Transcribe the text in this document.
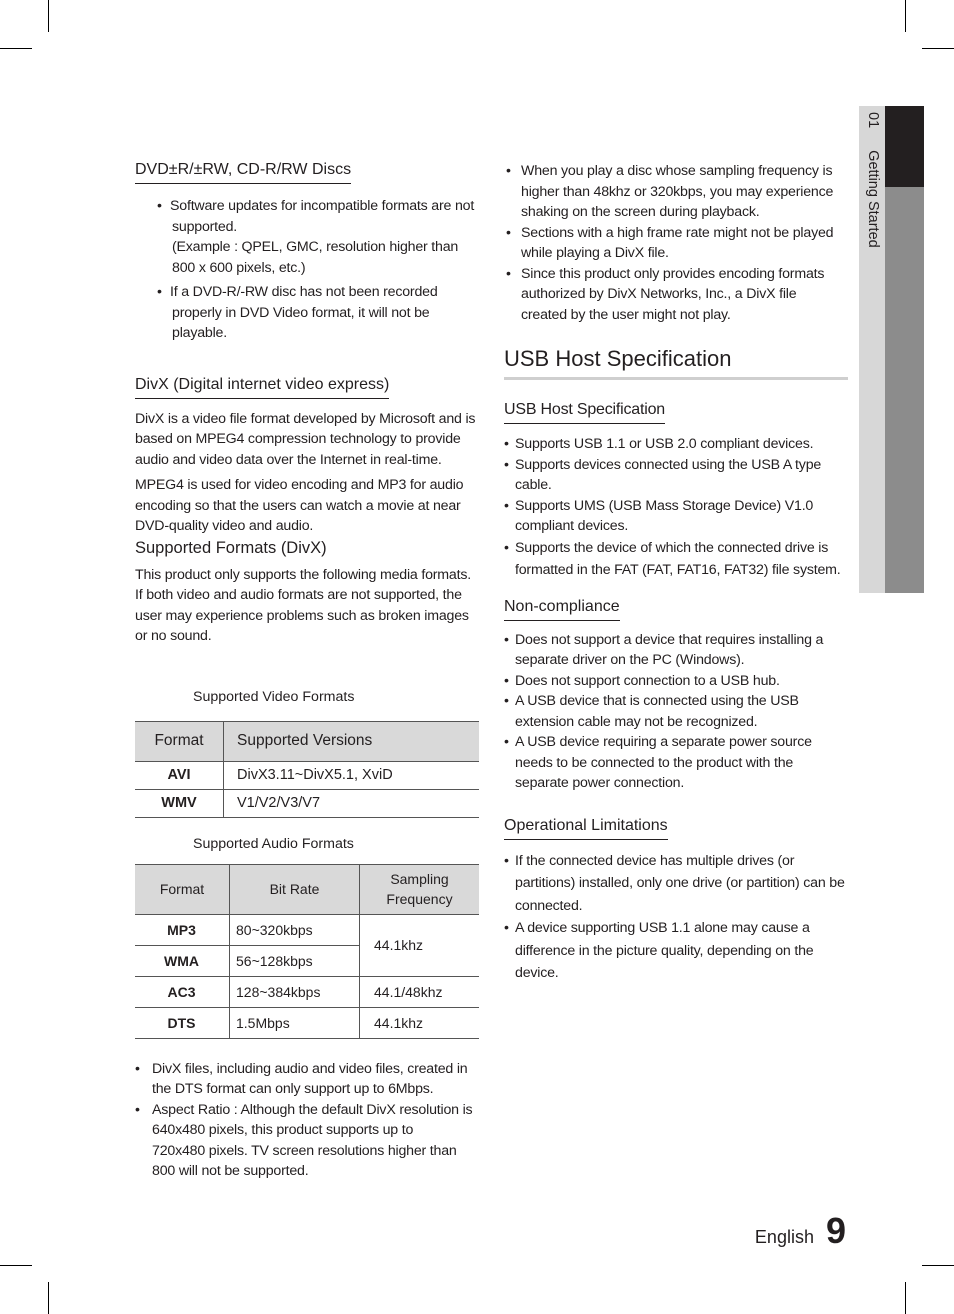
01 Getting Started
DVD±R/±RW, CD-R/RW Discs
• Software updates for incompatible formats are not
supported.
(Example : QPEL, GMC, resolution higher than
800 x 600 pixels, etc.)
• If a DVD-R/-RW disc has not been recorded
properly in DVD Video format, it will not be
playable.
DivX (Digital internet video express)

DivX is a video file format developed by Microsoft and is
based on MPEG4 compression technology to provide
audio and video data over the Internet in real-time.

MPEG4 is used for video encoding and MP3 for audio
encoding so that the users can watch a movie at near
DVD-quality video and audio.

Supported Formats (DivX)

This product only supports the following media formats.
If both video and audio formats are not supported, the
user may experience problems such as broken images
or no sound.

Supported Video Formats
Format	Supported Versions
AVI	DivX3.11~DivX5.1, XviD
WMV	V1/V2/V3/V7
Supported Audio Formats
Format	Bit Rate	Sampling Frequency
MP3	80~320kbps	44.1khz
WMA	56~128kbps	
AC3	128~384kbps	44.1/48khz
DTS	1.5Mbps	44.1khz
• DivX files, including audio and video files, created in
the DTS format can only support up to 6Mbps.
• Aspect Ratio : Although the default DivX resolution is
640x480 pixels, this product supports up to
720x480 pixels. TV screen resolutions higher than
800 will not be supported.
• When you play a disc whose sampling frequency is
higher than 48khz or 320kbps, you may experience
shaking on the screen during playback.
• Sections with a high frame rate might not be played
while playing a DivX file.
• Since this product only provides encoding formats
authorized by DivX Networks, Inc., a DivX file
created by the user might not play.
USB Host Specification
USB Host Specification
• Supports USB 1.1 or USB 2.0 compliant devices.
• Supports devices connected using the USB A type
cable.
• Supports UMS (USB Mass Storage Device) V1.0
compliant devices.
• Supports the device of which the connected drive is
formatted in the FAT (FAT, FAT16, FAT32) file system.
Non-compliance
• Does not support a device that requires installing a
separate driver on the PC (Windows).
• Does not support connection to a USB hub.
• A USB device that is connected using the USB
extension cable may not be recognized.
• A USB device requiring a separate power source
needs to be connected to the product with the
separate power connection.
Operational Limitations
• If the connected device has multiple drives (or
partitions) installed, only one drive (or partition) can be
connected.
• A device supporting USB 1.1 alone may cause a
difference in the picture quality, depending on the
device.
English 9
